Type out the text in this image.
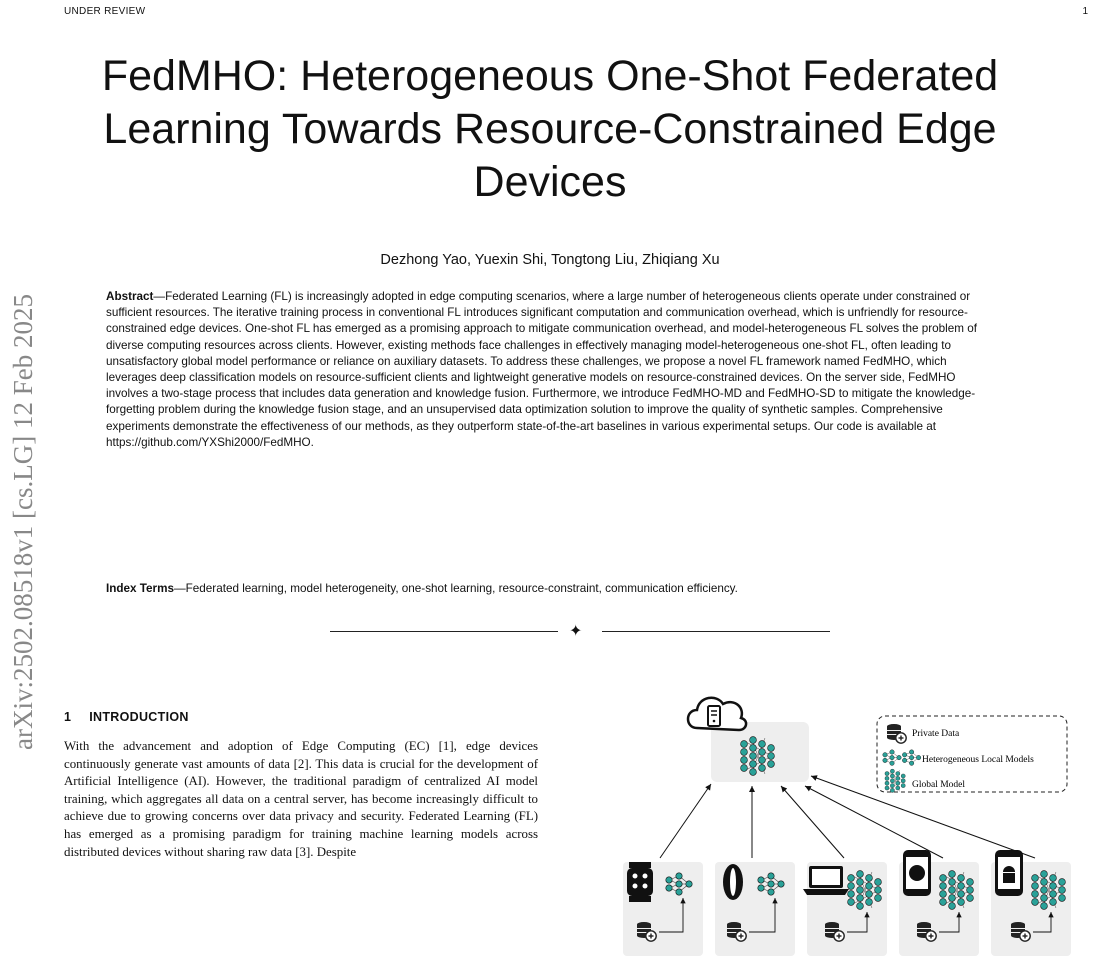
UNDER REVIEW	1
arXiv:2502.08518v1 [cs.LG] 12 Feb 2025
FedMHO: Heterogeneous One-Shot Federated Learning Towards Resource-Constrained Edge Devices
Dezhong Yao, Yuexin Shi, Tongtong Liu, Zhiqiang Xu
Abstract—Federated Learning (FL) is increasingly adopted in edge computing scenarios, where a large number of heterogeneous clients operate under constrained or sufficient resources. The iterative training process in conventional FL introduces significant computation and communication overhead, which is unfriendly for resource-constrained edge devices. One-shot FL has emerged as a promising approach to mitigate communication overhead, and model-heterogeneous FL solves the problem of diverse computing resources across clients. However, existing methods face challenges in effectively managing model-heterogeneous one-shot FL, often leading to unsatisfactory global model performance or reliance on auxiliary datasets. To address these challenges, we propose a novel FL framework named FedMHO, which leverages deep classification models on resource-sufficient clients and lightweight generative models on resource-constrained devices. On the server side, FedMHO involves a two-stage process that includes data generation and knowledge fusion. Furthermore, we introduce FedMHO-MD and FedMHO-SD to mitigate the knowledge-forgetting problem during the knowledge fusion stage, and an unsupervised data optimization solution to improve the quality of synthetic samples. Comprehensive experiments demonstrate the effectiveness of our methods, as they outperform state-of-the-art baselines in various experimental setups. Our code is available at https://github.com/YXShi2000/FedMHO.
Index Terms—Federated learning, model heterogeneity, one-shot learning, resource-constraint, communication efficiency.
✦
1 INTRODUCTION
With the advancement and adoption of Edge Computing (EC) [1], edge devices continuously generate vast amounts of data [2]. This data is crucial for the development of Artificial Intelligence (AI). However, the traditional paradigm of centralized AI model training, which aggregates all data on a central server, has become increasingly difficult to achieve due to growing concerns over data privacy and security. Federated Learning (FL) has emerged as a promising paradigm for training machine learning models across distributed devices without sharing raw data [3]. Despite
Private Data
Heterogeneous Local Models
Global Model
